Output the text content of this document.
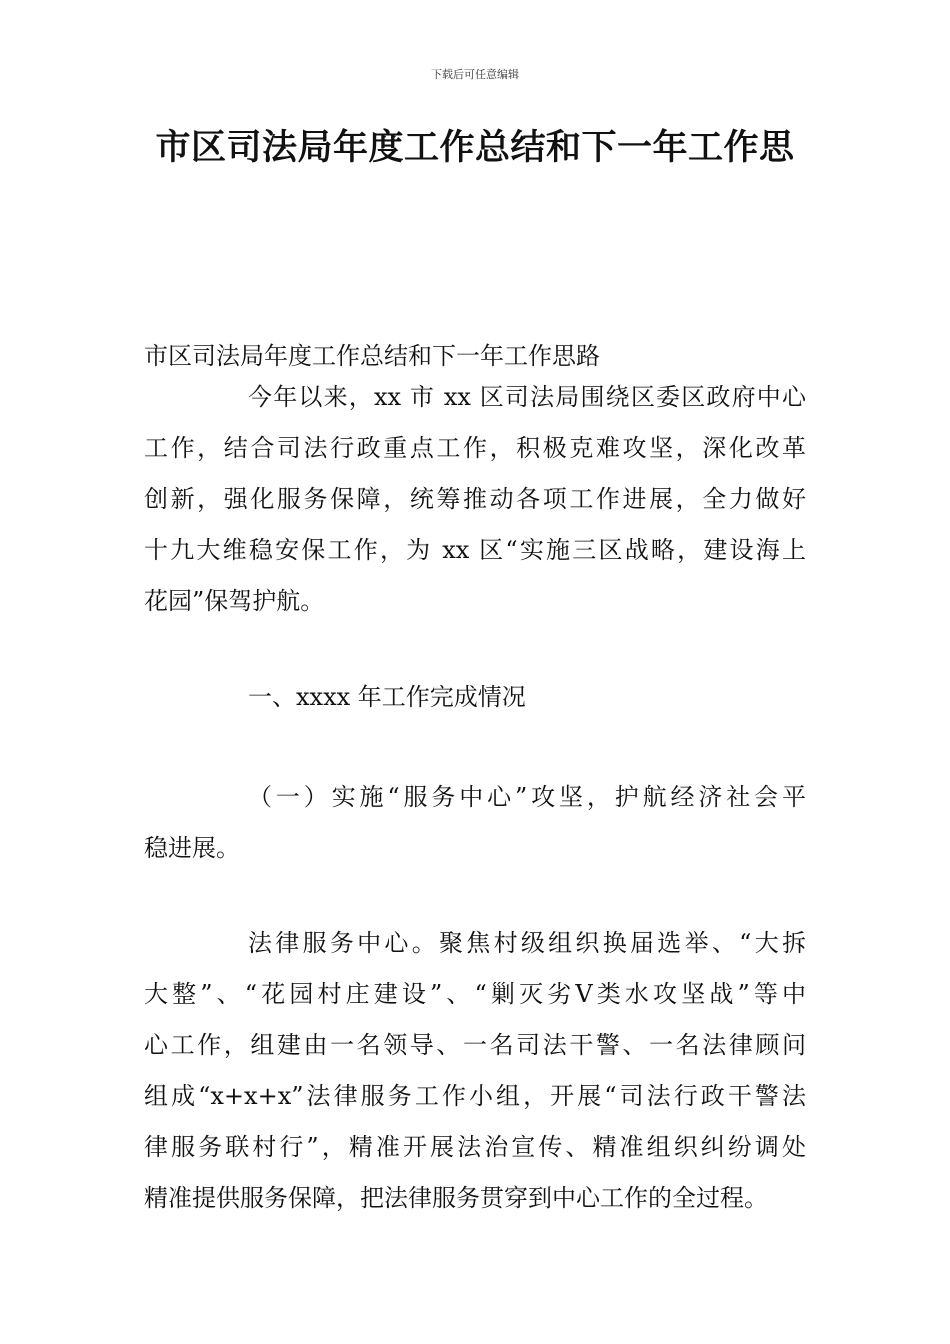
下载后可任意编辑
市区司法局年度工作总结和下一年工作思

市区司法局年度工作总结和下一年工作思路

今年以来，xx 市 xx 区司法局围绕区委区政府中心
工作，结合司法行政重点工作，积极克难攻坚，深化改革
创新，强化服务保障，统筹推动各项工作进展，全力做好
十九大维稳安保工作，为 xx 区“实施三区战略，建设海上
花园”保驾护航。

一、xxxx 年工作完成情况

（一）实施“服务中心”攻坚，护航经济社会平
稳进展。

法律服务中心。聚焦村级组织换届选举、“大拆
大整”、“花园村庄建设”、“剿灭劣Ⅴ类水攻坚战”等中
心工作，组建由一名领导、一名司法干警、一名法律顾问
组成“x+x+x”法律服务工作小组，开展“司法行政干警法
律服务联村行”，精准开展法治宣传、精准组织纠纷调处
精准提供服务保障，把法律服务贯穿到中心工作的全过程。
